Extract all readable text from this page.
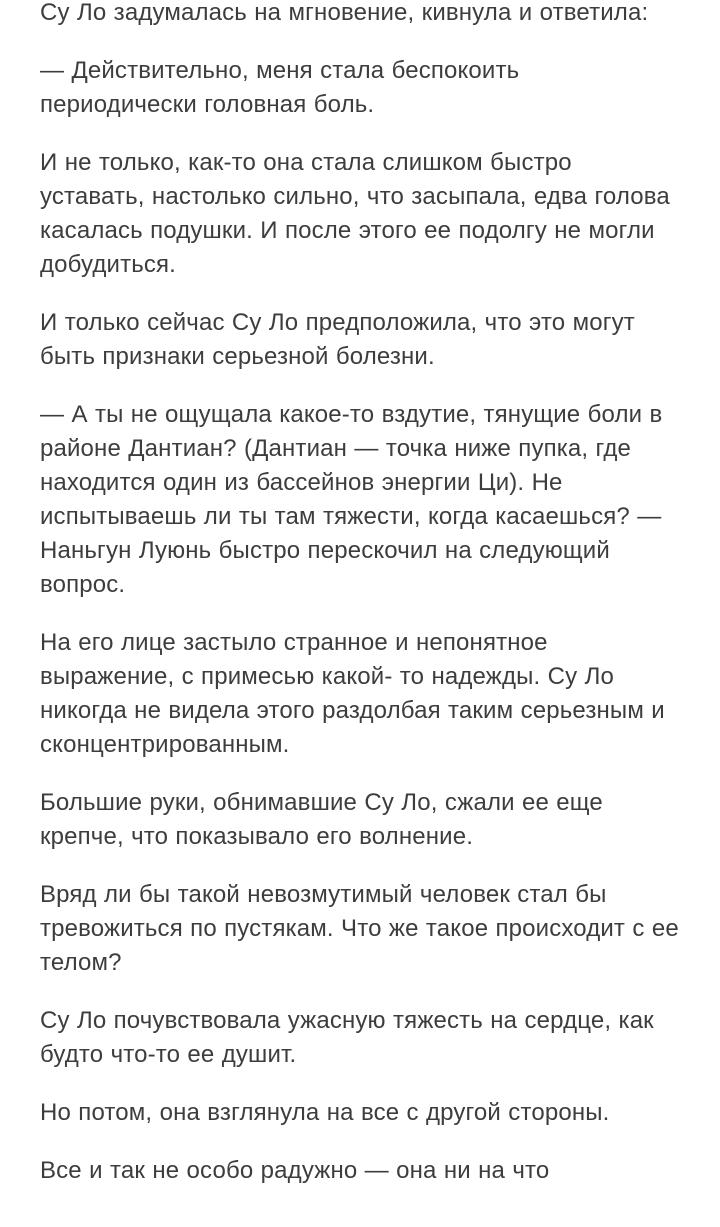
Су Ло задумалась на мгновение, кивнула и ответила:

— Действительно, меня стала беспокоить периодически головная боль.

И не только, как-то она стала слишком быстро уставать, настолько сильно, что засыпала, едва голова касалась подушки. И после этого ее подолгу не могли добудиться.

И только сейчас Су Ло предположила, что это могут быть признаки серьезной болезни.

— А ты не ощущала какое-то вздутие, тянущие боли в районе Дантиан? (Дантиан — точка ниже пупка, где находится один из бассейнов энергии Ци). Не испытываешь ли ты там тяжести, когда касаешься? — Наньгун Луюнь быстро перескочил на следующий вопрос.

На его лице застыло странное и непонятное выражение, с примесью какой- то надежды. Су Ло никогда не видела этого раздолбая таким серьезным и сконцентрированным.

Большие руки, обнимавшие Су Ло, сжали ее еще крепче, что показывало его волнение.

Вряд ли бы такой невозмутимый человек стал бы тревожиться по пустякам. Что же такое происходит с ее телом?

Су Ло почувствовала ужасную тяжесть на сердце, как будто что-то ее душит.

Но потом, она взглянула на все с другой стороны.

Все и так не особо радужно — она ни на что
